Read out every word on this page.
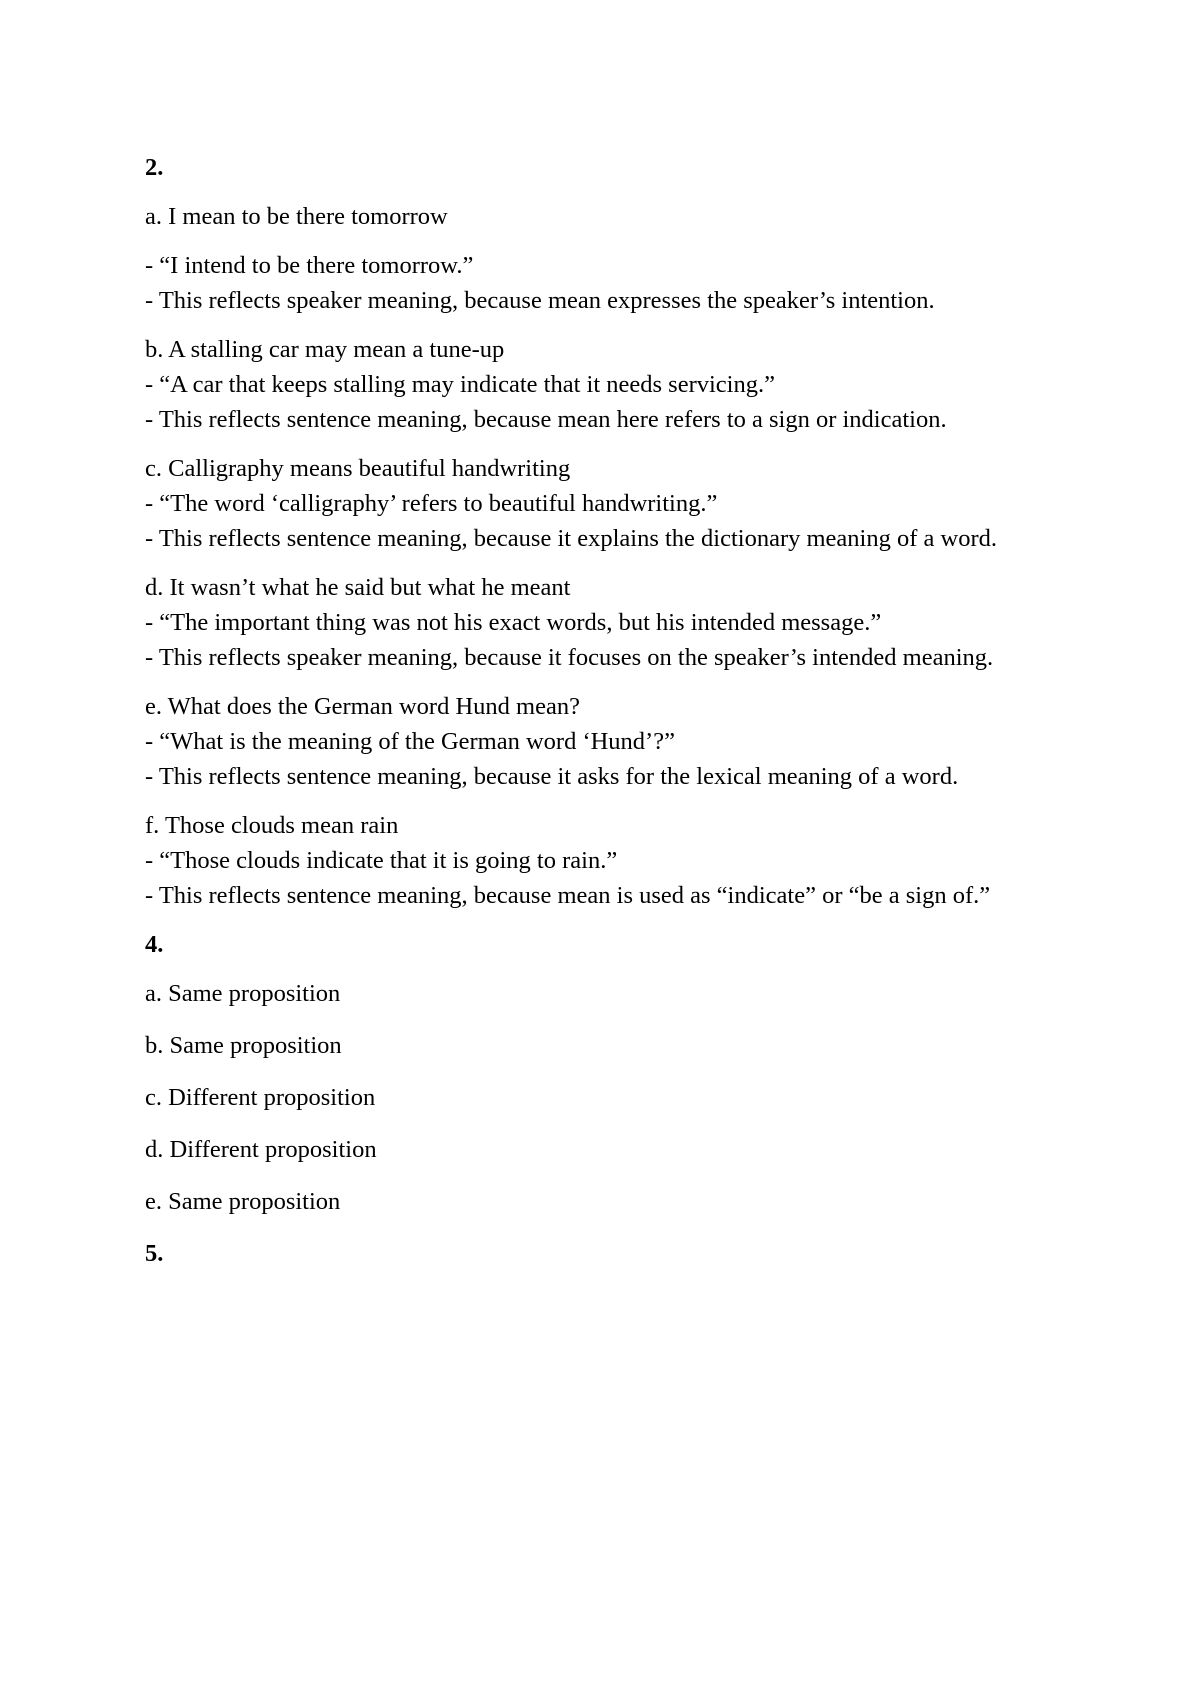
2.
a. I mean to be there tomorrow
- “I intend to be there tomorrow.”
- This reflects speaker meaning, because mean expresses the speaker’s intention.
b. A stalling car may mean a tune-up
- “A car that keeps stalling may indicate that it needs servicing.”
- This reflects sentence meaning, because mean here refers to a sign or indication.
c. Calligraphy means beautiful handwriting
- “The word ‘calligraphy’ refers to beautiful handwriting.”
- This reflects sentence meaning, because it explains the dictionary meaning of a word.
d. It wasn’t what he said but what he meant
- “The important thing was not his exact words, but his intended message.”
- This reflects speaker meaning, because it focuses on the speaker’s intended meaning.
e. What does the German word Hund mean?
- “What is the meaning of the German word ‘Hund’?”
- This reflects sentence meaning, because it asks for the lexical meaning of a word.
f. Those clouds mean rain
- “Those clouds indicate that it is going to rain.”
- This reflects sentence meaning, because mean is used as “indicate” or “be a sign of.”
4.
a. Same proposition
b. Same proposition
c. Different proposition
d. Different proposition
e. Same proposition
5.
